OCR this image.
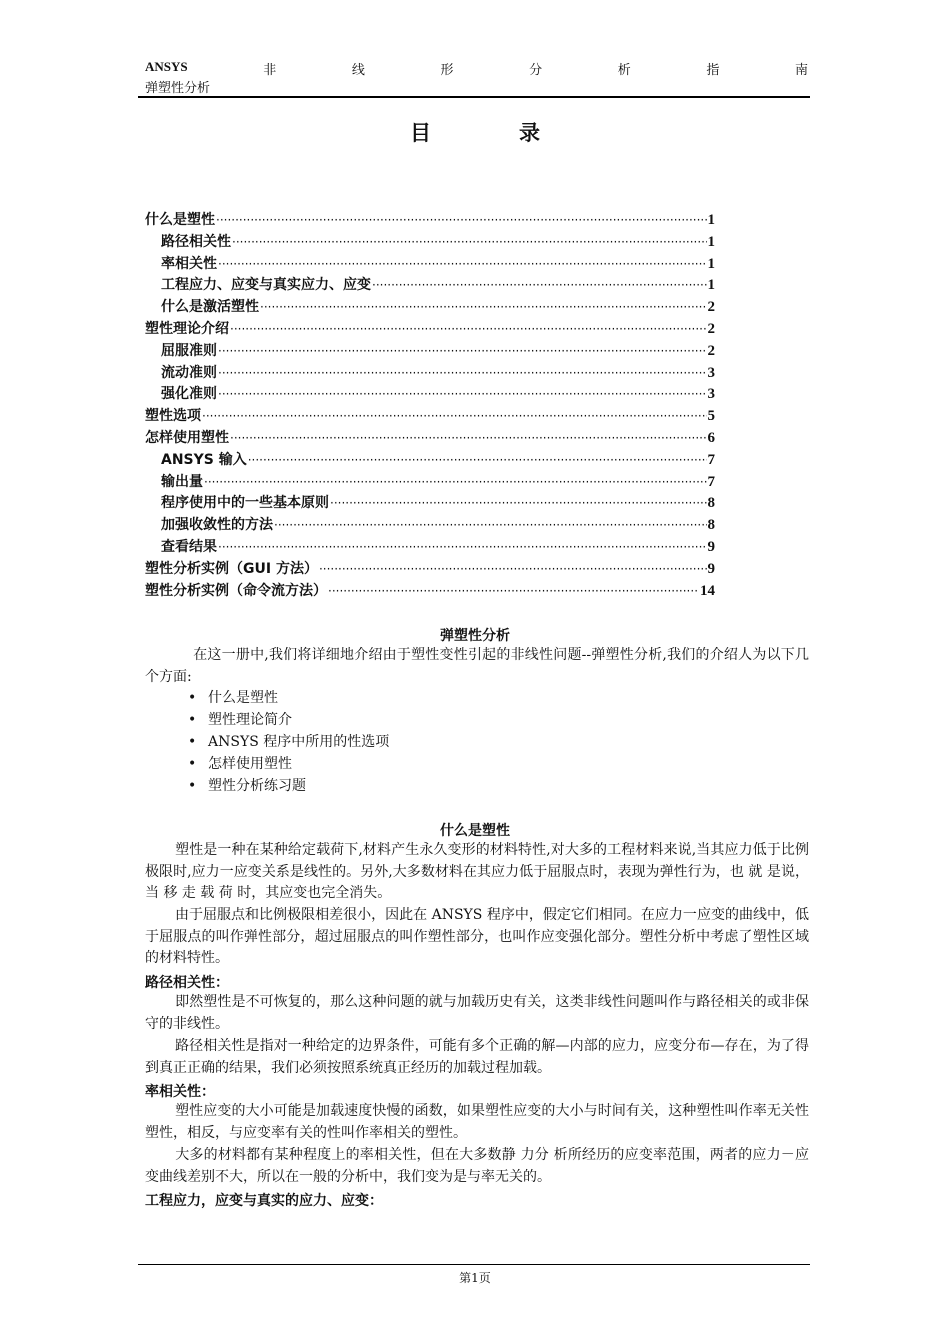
ANSYS	非	线	形	分	析	指	南
弹塑性分析
目	录
什么是塑性 ·····	1
路径相关性 ·····	1
率相关性 ·····	1
工程应力、应变与真实应力、应变 ·····	1
什么是激活塑性 ·····	2
塑性理论介绍 ·····	2
屈服准则 ·····	2
流动准则 ·····	3
强化准则 ·····	3
塑性选项 ·····	5
怎样使用塑性 ·····	6
ANSYS 输入 ·····	7
输出量 ·····	7
程序使用中的一些基本原则 ·····	8
加强收敛性的方法 ·····	8
查看结果 ·····	9
塑性分析实例（GUI 方法） ·····	9
塑性分析实例（命令流方法） ·····	14
弹塑性分析
在这一册中,我们将详细地介绍由于塑性变性引起的非线性问题--弹塑性分析,我们的介绍人为以下几个方面:
• 什么是塑性
• 塑性理论简介
• ANSYS 程序中所用的性选项
• 怎样使用塑性
• 塑性分析练习题
什么是塑性
塑性是一种在某种给定载荷下,材料产生永久变形的材料特性,对大多的工程材料来说,当其应力低于比例极限时,应力一应变关系是线性的。另外,大多数材料在其应力低于屈服点时，表现为弹性行为，也 就 是说，当 移 走 载 荷 时，其应变也完全消失。
由于屈服点和比例极限相差很小，因此在 ANSYS 程序中，假定它们相同。在应力一应变的曲线中，低于屈服点的叫作弹性部分，超过屈服点的叫作塑性部分，也叫作应变强化部分。塑性分析中考虑了塑性区域的材料特性。
路径相关性：
即然塑性是不可恢复的，那么这种问题的就与加载历史有关，这类非线性问题叫作与路径相关的或非保守的非线性。
路径相关性是指对一种给定的边界条件，可能有多个正确的解—内部的应力，应变分布—存在，为了得到真正正确的结果，我们必须按照系统真正经历的加载过程加载。
率相关性：
塑性应变的大小可能是加载速度快慢的函数，如果塑性应变的大小与时间有关，这种塑性叫作率无关性塑性，相反，与应变率有关的性叫作率相关的塑性。
大多的材料都有某种程度上的率相关性，但在大多数静 力分 析所经历的应变率范围，两者的应力－应变曲线差别不大，所以在一般的分析中，我们变为是与率无关的。
工程应力，应变与真实的应力、应变：
第1页
